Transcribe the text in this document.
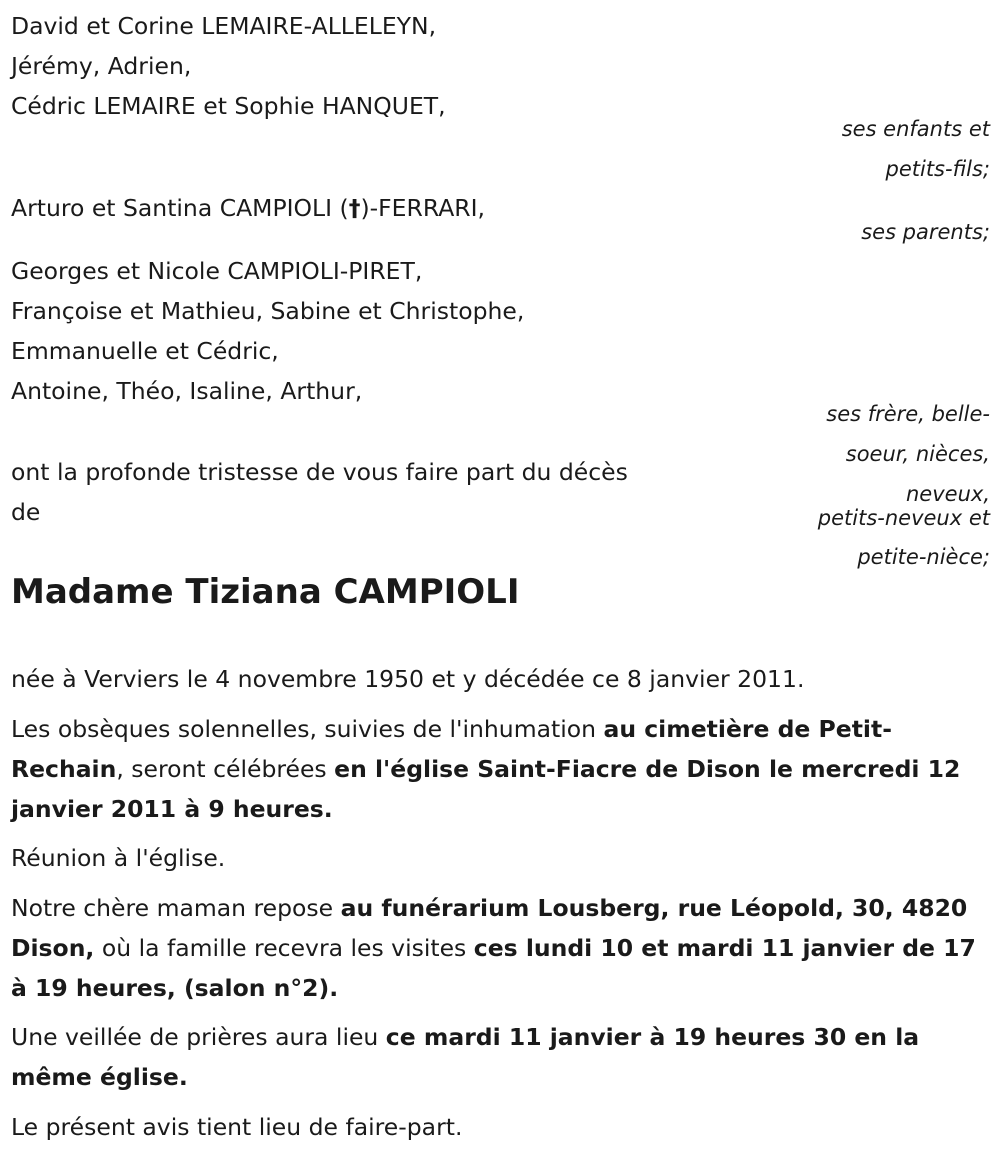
David et Corine LEMAIRE-ALLELEYN,
Jérémy, Adrien,
Cédric LEMAIRE et Sophie HANQUET,
ses enfants et
petits-fils;
Arturo et Santina CAMPIOLI (†)-FERRARI,
ses parents;
Georges et Nicole CAMPIOLI-PIRET,
Françoise et Mathieu, Sabine et Christophe,
Emmanuelle et Cédric,
Antoine, Théo, Isaline, Arthur,
ses frère, belle-
soeur, nièces,
neveux,
petits-neveux et
petite-nièce;
ont la profonde tristesse de vous faire part du décès
de
Madame Tiziana CAMPIOLI
née à Verviers le 4 novembre 1950 et y décédée ce 8 janvier 2011.
Les obsèques solennelles, suivies de l'inhumation au cimetière de Petit-Rechain, seront célébrées en l'église Saint-Fiacre de Dison le mercredi 12 janvier 2011 à 9 heures.
Réunion à l'église.
Notre chère maman repose au funérarium Lousberg, rue Léopold, 30, 4820 Dison, où la famille recevra les visites ces lundi 10 et mardi 11 janvier de 17 à 19 heures, (salon n°2).
Une veillée de prières aura lieu ce mardi 11 janvier à 19 heures 30 en la même église.
Le présent avis tient lieu de faire-part.
